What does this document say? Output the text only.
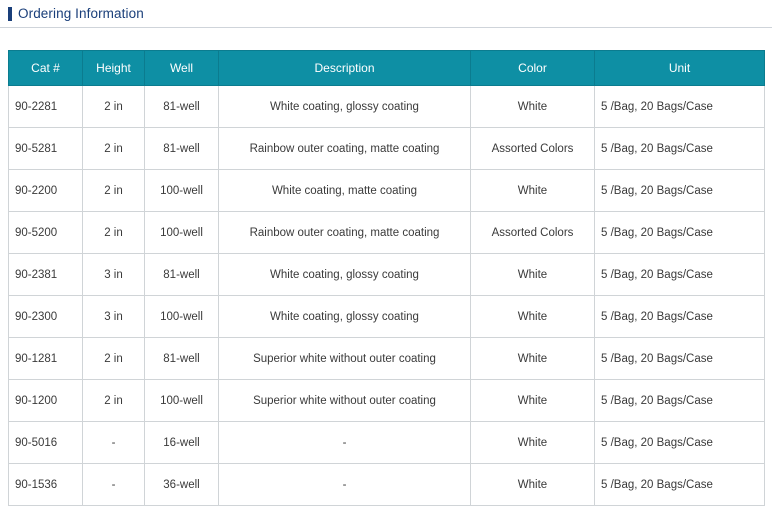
Ordering Information
Cat #	Height	Well	Description	Color	Unit
90-2281	2 in	81-well	White coating, glossy coating	White	5 /Bag, 20 Bags/Case
90-5281	2 in	81-well	Rainbow outer coating, matte coating	Assorted Colors	5 /Bag, 20 Bags/Case
90-2200	2 in	100-well	White coating, matte coating	White	5 /Bag, 20 Bags/Case
90-5200	2 in	100-well	Rainbow outer coating, matte coating	Assorted Colors	5 /Bag, 20 Bags/Case
90-2381	3 in	81-well	White coating, glossy coating	White	5 /Bag, 20 Bags/Case
90-2300	3 in	100-well	White coating, glossy coating	White	5 /Bag, 20 Bags/Case
90-1281	2 in	81-well	Superior white without outer coating	White	5 /Bag, 20 Bags/Case
90-1200	2 in	100-well	Superior white without outer coating	White	5 /Bag, 20 Bags/Case
90-5016	-	16-well	-	White	5 /Bag, 20 Bags/Case
90-1536	-	36-well	-	White	5 /Bag, 20 Bags/Case
